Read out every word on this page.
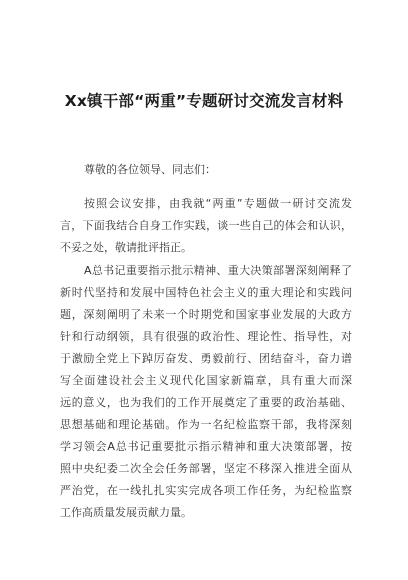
Xx镇干部“两重”专题研讨交流发言材料
尊敬的各位领导、同志们：
按照会议安排，由我就“两重”专题做一研讨交流发
言，下面我结合自身工作实践，谈一些自己的体会和认识，
不妥之处，敬请批评指正。
A总书记重要指示批示精神、重大决策部署深刻阐释了
新时代坚持和发展中国特色社会主义的重大理论和实践问
题，深刻阐明了未来一个时期党和国家事业发展的大政方
针和行动纲领，具有很强的政治性、理论性、指导性，对
于激励全党上下踔厉奋发、勇毅前行、团结奋斗，奋力谱
写全面建设社会主义现代化国家新篇章，具有重大而深
远的意义，也为我们的工作开展奠定了重要的政治基础、
思想基础和理论基础。作为一名纪检监察干部，我将深刻
学习领会A总书记重要批示指示精神和重大决策部署，按
照中央纪委二次全会任务部署，坚定不移深入推进全面从
严治党，在一线扎扎实实完成各项工作任务，为纪检监察
工作高质量发展贡献力量。
